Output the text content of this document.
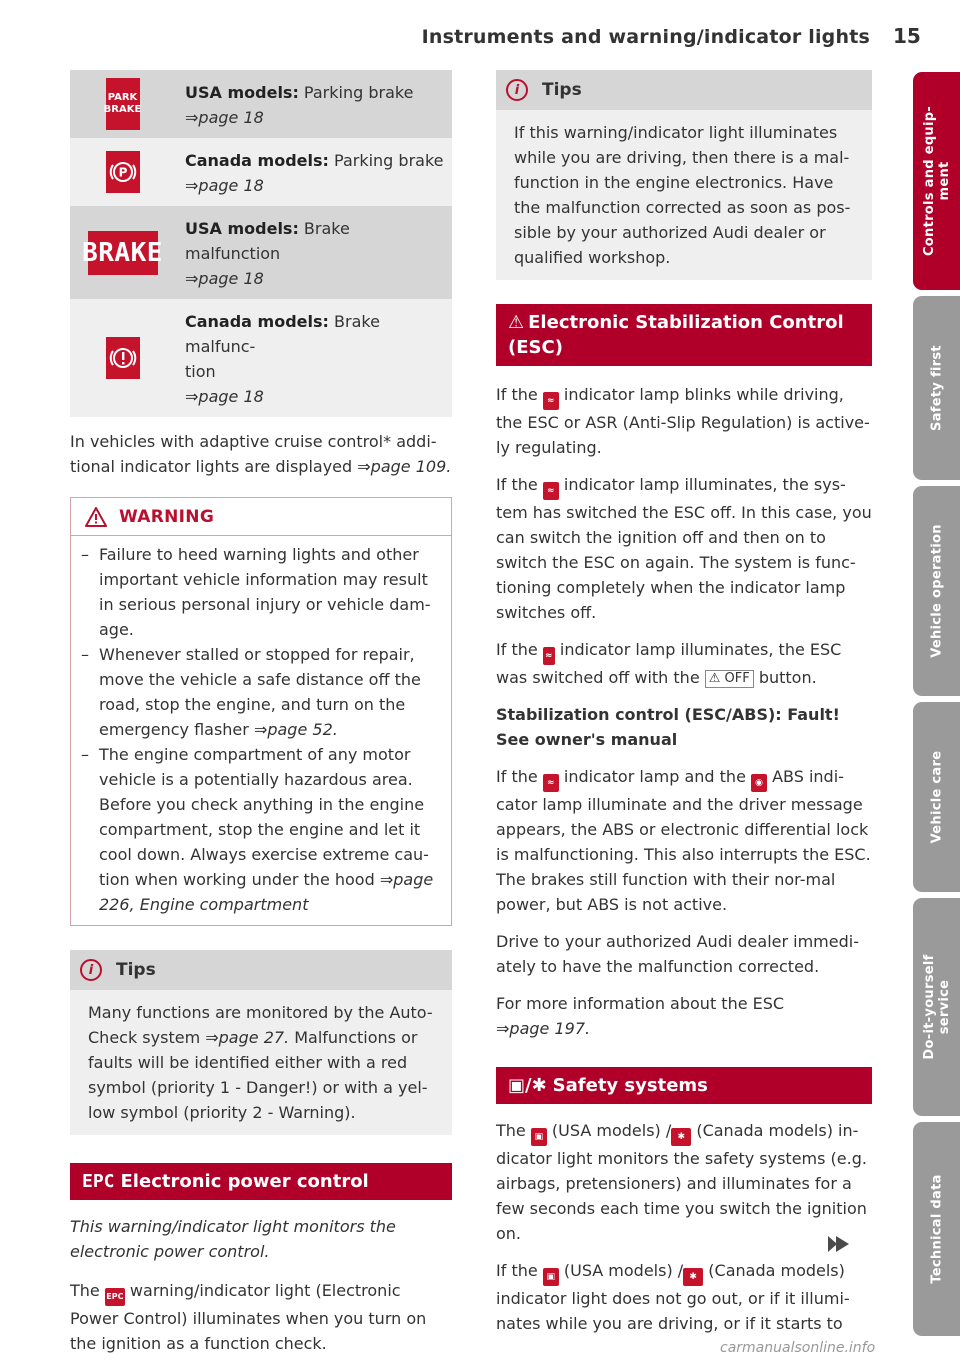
Instruments and warning/indicator lights 15
Controls and equip-
ment
Safety first
Vehicle operation
Vehicle care
Do-it-yourself
service
Technical data
PARK
BRAKE
USA models: Parking brake
⇒page 18
P
Canada models: Parking brake
⇒page 18
BRAKE
USA models: Brake malfunction
⇒page 18
Canada models: Brake malfunc-
tion
⇒page 18

In vehicles with adaptive cruise control* addi-tional indicator lights are displayed ⇒page 109.

WARNING
– Failure to heed warning lights and other important vehicle information may result in serious personal injury or vehicle dam-age.
– Whenever stalled or stopped for repair, move the vehicle a safe distance off the road, stop the engine, and turn on the emergency flasher ⇒page 52.
– The engine compartment of any motor vehicle is a potentially hazardous area. Before you check anything in the engine compartment, stop the engine and let it cool down. Always exercise extreme cau-tion when working under the hood ⇒page 226, Engine compartment
i	Tips
Many functions are monitored by the Auto-Check system ⇒page 27. Malfunctions or faults will be identified either with a red symbol (priority 1 - Danger!) or with a yel-low symbol (priority 2 - Warning).
EPC Electronic power control

This warning/indicator light monitors the electronic power control.

The EPC warning/indicator light (Electronic Power Control) illuminates when you turn on the ignition as a function check.

i	Tips
If this warning/indicator light illuminates while you are driving, then there is a mal-function in the engine electronics. Have the malfunction corrected as soon as pos-sible by your authorized Audi dealer or qualified workshop.
⚠ Electronic Stabilization Control (ESC)

If the ≈ indicator lamp blinks while driving, the ESC or ASR (Anti-Slip Regulation) is active-ly regulating.

If the ≈ indicator lamp illuminates, the sys-tem has switched the ESC off. In this case, you can switch the ignition off and then on to switch the ESC on again. The system is func-tioning completely when the indicator lamp switches off.

If the ≈ indicator lamp illuminates, the ESC was switched off with the ⚠ OFF button.

Stabilization control (ESC/ABS): Fault! See owner's manual

If the ≈ indicator lamp and the ◉ ABS indi-cator lamp illuminate and the driver message appears, the ABS or electronic differential lock is malfunctioning. This also interrupts the ESC. The brakes still function with their nor-mal power, but ABS is not active.

Drive to your authorized Audi dealer immedi-ately to have the malfunction corrected.

For more information about the ESC
⇒page 197.

▣/✱ Safety systems

The ▣ (USA models) / ✱ (Canada models) in-dicator light monitors the safety systems (e.g. airbags, pretensioners) and illuminates for a few seconds each time you switch the ignition on.

If the ▣ (USA models) / ✱ (Canada models) indicator light does not go out, or if it illumi-nates while you are driving, or if it starts to

carmanualsonline.info
